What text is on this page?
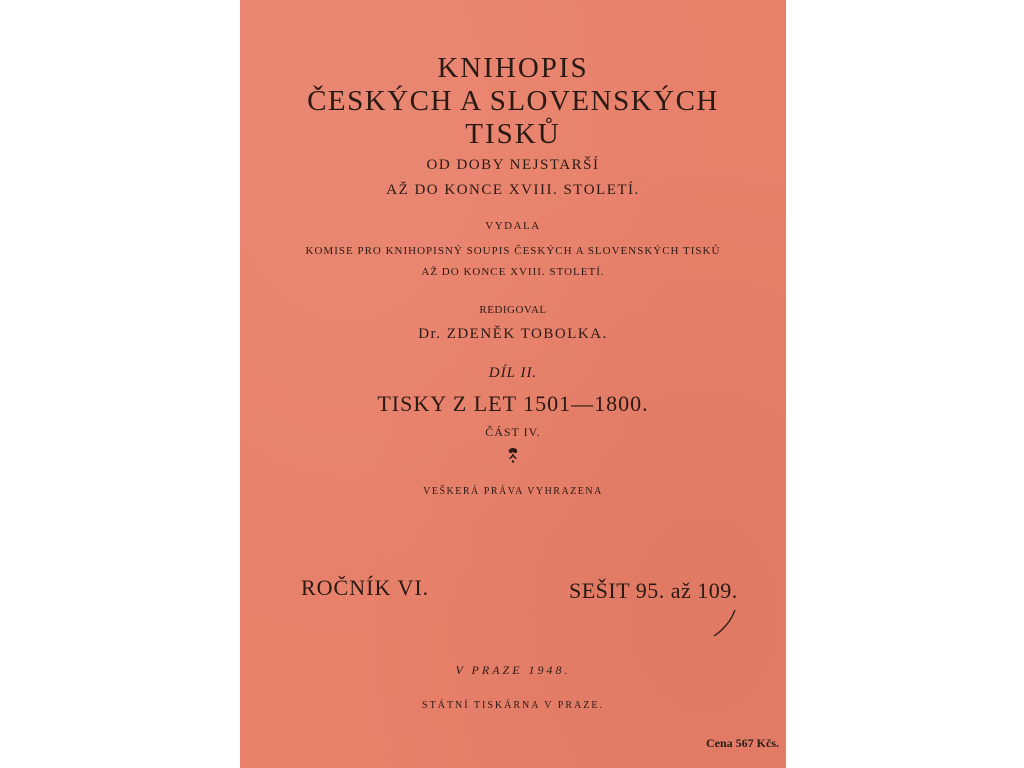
KNIHOPIS
ČESKÝCH A SLOVENSKÝCH
TISKŮ
OD DOBY NEJSTARŠÍ
AŽ DO KONCE XVIII. STOLETÍ.
VYDALA
KOMISE PRO KNIHOPISNÝ SOUPIS ČESKÝCH A SLOVENSKÝCH TISKŮ
AŽ DO KONCE XVIII. STOLETÍ.
REDIGOVAL
Dr. ZDENĚK TOBOLKA.
DÍL II.
TISKY Z LET 1501—1800.
ČÁST IV.
VEŠKERÁ PRÁVA VYHRAZENA
ROČNÍK VI.	SEŠIT 95. až 109.
V PRAZE 1948.
STÁTNÍ TISKÁRNA V PRAZE.
Cena 567 Kčs.
